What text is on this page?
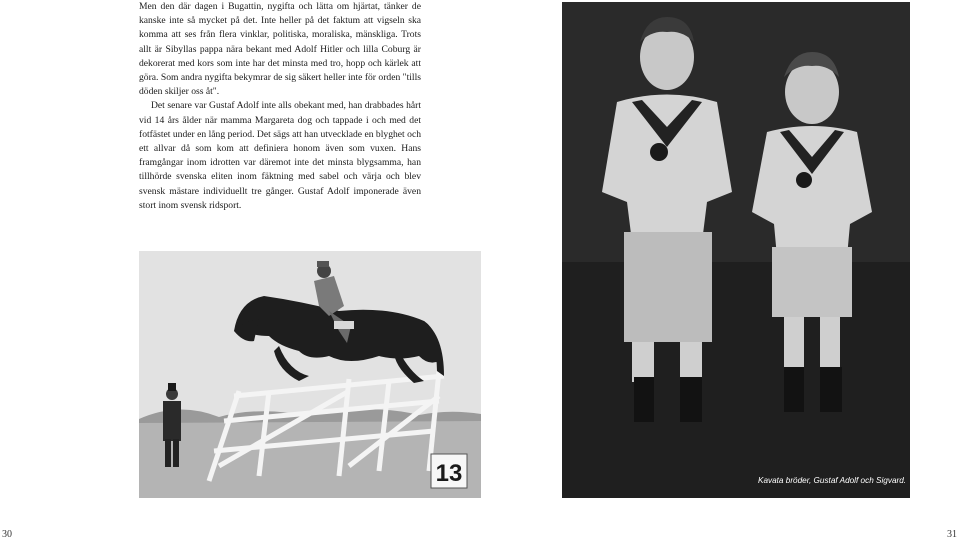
Men den där dagen i Bugattin, nygifta och lätta om hjärtat, tänker de kanske inte så mycket på det. Inte heller på det faktum att vigseln ska komma att ses från flera vinklar, politiska, moraliska, mänskliga. Trots allt är Sibyllas pappa nära bekant med Adolf Hitler och lilla Coburg är dekorerat med kors som inte har det minsta med tro, hopp och kärlek att göra. Som andra nygifta bekymrar de sig säkert heller inte för orden "tills döden skiljer oss åt".

Det senare var Gustaf Adolf inte alls obekant med, han drabbades hårt vid 14 års ålder när mamma Margareta dog och tappade i och med det fotfästet under en lång period. Det sägs att han utvecklade en blyghet och ett allvar då som kom att definiera honom även som vuxen. Hans framgångar inom idrotten var däremot inte det minsta blygsamma, han tillhörde svenska eliten inom fäktning med sabel och värja och blev svensk mästare individuellt tre gånger. Gustaf Adolf imponerade även stort inom svensk ridsport.

13	Kavata bröder, Gustaf Adolf och Sigvard.
30	31
